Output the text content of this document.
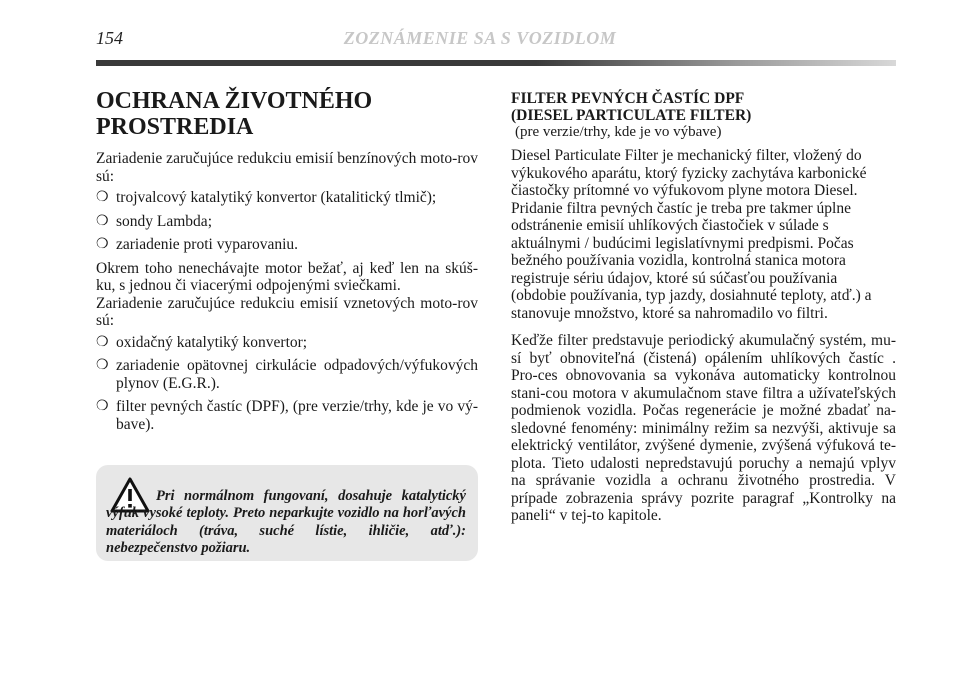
154	ZOZNÁMENIE SA S VOZIDLOM
OCHRANA ŽIVOTNÉHO
PROSTREDIA

Zariadenie zaručujúce redukciu emisií benzínových moto-rov sú:

❍ trojvalcový katalytiký konvertor (katalitický tlmič);
❍ sondy Lambda;
❍ zariadenie proti vyparovaniu.

Okrem toho nenechávajte motor bežať, aj keď len na skúš-ku, s jednou či viacerými odpojenými sviečkami.

Zariadenie zaručujúce redukciu emisií vznetových moto-rov sú:

❍ oxidačný katalytiký konvertor;
❍ zariadenie opätovnej cirkulácie odpadových/výfukových plynov (E.G.R.).
❍ filter pevných častíc (DPF), (pre verzie/trhy, kde je vo vý-bave).

Pri normálnom fungovaní, dosahuje katalytický výfuk vysoké teploty. Preto neparkujte vozidlo na horľavých materiáloch (tráva, suché lístie, ihličie, atď.): nebezpečenstvo požiaru.

FILTER PEVNÝCH ČASTÍC DPF
(DIESEL PARTICULATE FILTER)

(pre verzie/trhy, kde je vo výbave)

Diesel Particulate Filter je mechanický filter, vložený do výkukového aparátu, ktorý fyzicky zachytáva karbonické čiastočky prítomné vo výfukovom plyne motora Diesel. Pridanie filtra pevných častíc je treba pre takmer úplne odstránenie emisií uhlíkových čiastočiek v súlade s aktuálnymi / budúcimi legislatívnymi predpismi. Počas bežného používania vozidla, kontrolná stanica motora registruje sériu údajov, ktoré sú súčasťou používania (obdobie používania, typ jazdy, dosiahnuté teploty, atď.) a stanovuje množstvo, ktoré sa nahromadilo vo filtri.

Keďže filter predstavuje periodický akumulačný systém, mu-sí byť obnoviteľná (čistená) opálením uhlíkových častíc . Pro-ces obnovovania sa vykonáva automaticky kontrolnou stani-cou motora v akumulačnom stave filtra a užívateľských podmienok vozidla. Počas regenerácie je možné zbadať na-sledovné fenomény: minimálny režim sa nezvýši, aktivuje sa elektrický ventilátor, zvýšené dymenie, zvýšená výfuková te-plota. Tieto udalosti nepredstavujú poruchy a nemajú vplyv na správanie vozidla a ochranu životného prostredia. V prípade zobrazenia správy pozrite paragraf „Kontrolky na paneli“ v tej-to kapitole.
